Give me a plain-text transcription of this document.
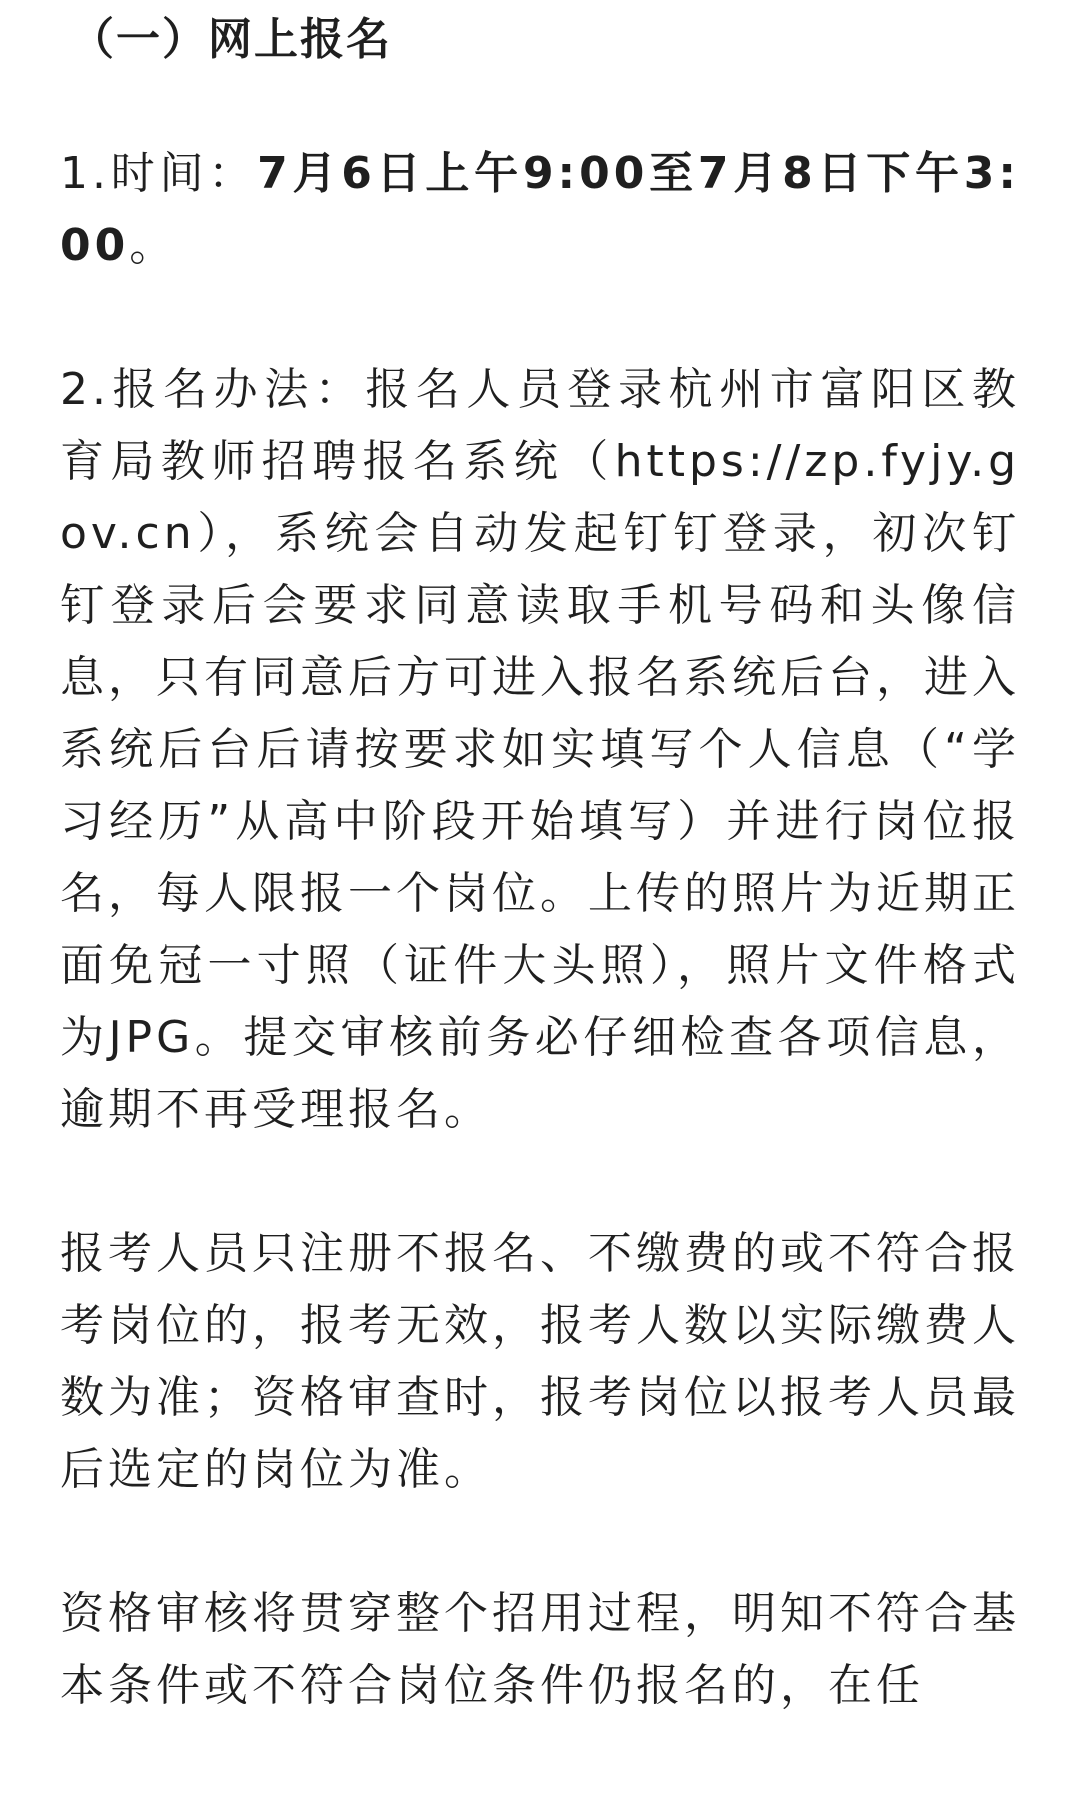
（一）网上报名

1.时间：7月6日上午9:00至7月8日下午3:00。

2.报名办法：报名人员登录杭州市富阳区教育局教师招聘报名系统（https://zp.fyjy.gov.cn），系统会自动发起钉钉登录，初次钉钉登录后会要求同意读取手机号码和头像信息，只有同意后方可进入报名系统后台，进入系统后台后请按要求如实填写个人信息（“学习经历”从高中阶段开始填写）并进行岗位报名，每人限报一个岗位。上传的照片为近期正面免冠一寸照（证件大头照），照片文件格式为JPG。提交审核前务必仔细检查各项信息，逾期不再受理报名。

报考人员只注册不报名、不缴费的或不符合报考岗位的，报考无效，报考人数以实际缴费人数为准；资格审查时，报考岗位以报考人员最后选定的岗位为准。

资格审核将贯穿整个招用过程，明知不符合基本条件或不符合岗位条件仍报名的，在任
